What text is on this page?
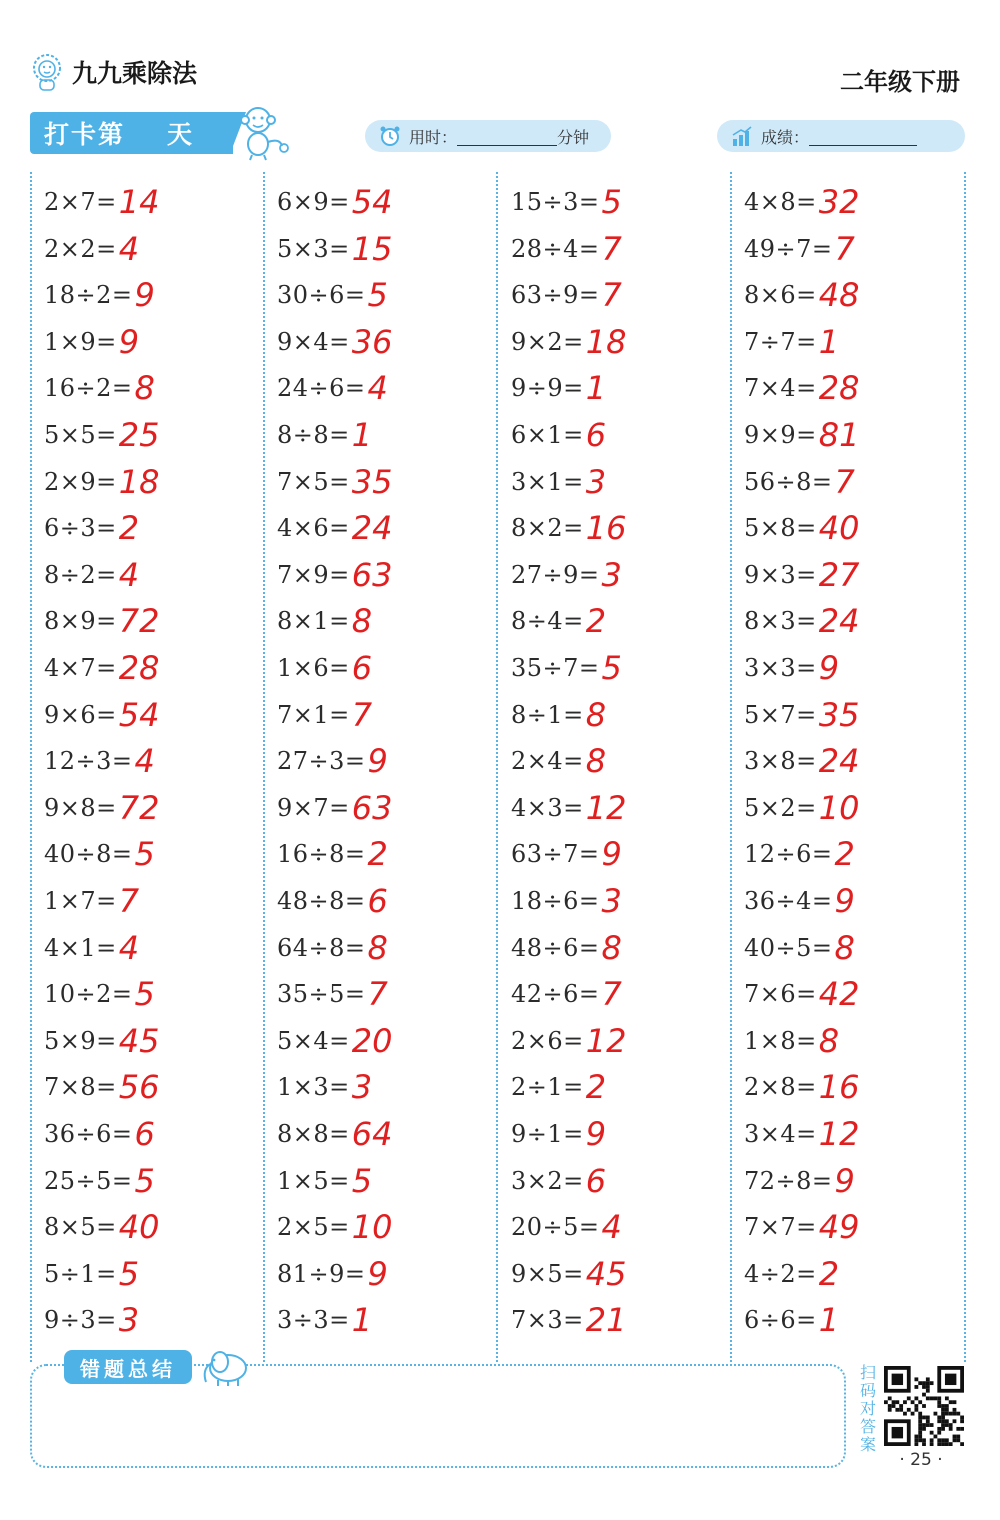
九九乘除法	二年级下册
打卡第 天	用时：	分钟	成绩：
2×7= 14
2×2= 4
18÷2= 9
1×9= 9
16÷2= 8
5×5= 25
2×9= 18
6÷3= 2
8÷2= 4
8×9= 72
4×7= 28
9×6= 54
12÷3= 4
9×8= 72
40÷8= 5
1×7= 7
4×1= 4
10÷2= 5
5×9= 45
7×8= 56
36÷6= 6
25÷5= 5
8×5= 40
5÷1= 5
9÷3= 3
6×9= 54
5×3= 15
30÷6= 5
9×4= 36
24÷6= 4
8÷8= 1
7×5= 35
4×6= 24
7×9= 63
8×1= 8
1×6= 6
7×1= 7
27÷3= 9
9×7= 63
16÷8= 2
48÷8= 6
64÷8= 8
35÷5= 7
5×4= 20
1×3= 3
8×8= 64
1×5= 5
2×5= 10
81÷9= 9
3÷3= 1
15÷3= 5
28÷4= 7
63÷9= 7
9×2= 18
9÷9= 1
6×1= 6
3×1= 3
8×2= 16
27÷9= 3
8÷4= 2
35÷7= 5
8÷1= 8
2×4= 8
4×3= 12
63÷7= 9
18÷6= 3
48÷6= 8
42÷6= 7
2×6= 12
2÷1= 2
9÷1= 9
3×2= 6
20÷5= 4
9×5= 45
7×3= 21
4×8= 32
49÷7= 7
8×6= 48
7÷7= 1
7×4= 28
9×9= 81
56÷8= 7
5×8= 40
9×3= 27
8×3= 24
3×3= 9
5×7= 35
3×8= 24
5×2= 10
12÷6= 2
36÷4= 9
40÷5= 8
7×6= 42
1×8= 8
2×8= 16
3×4= 12
72÷8= 9
7×7= 49
4÷2= 2
6÷6= 1
错题总结	扫码对答案
· 25 ·
